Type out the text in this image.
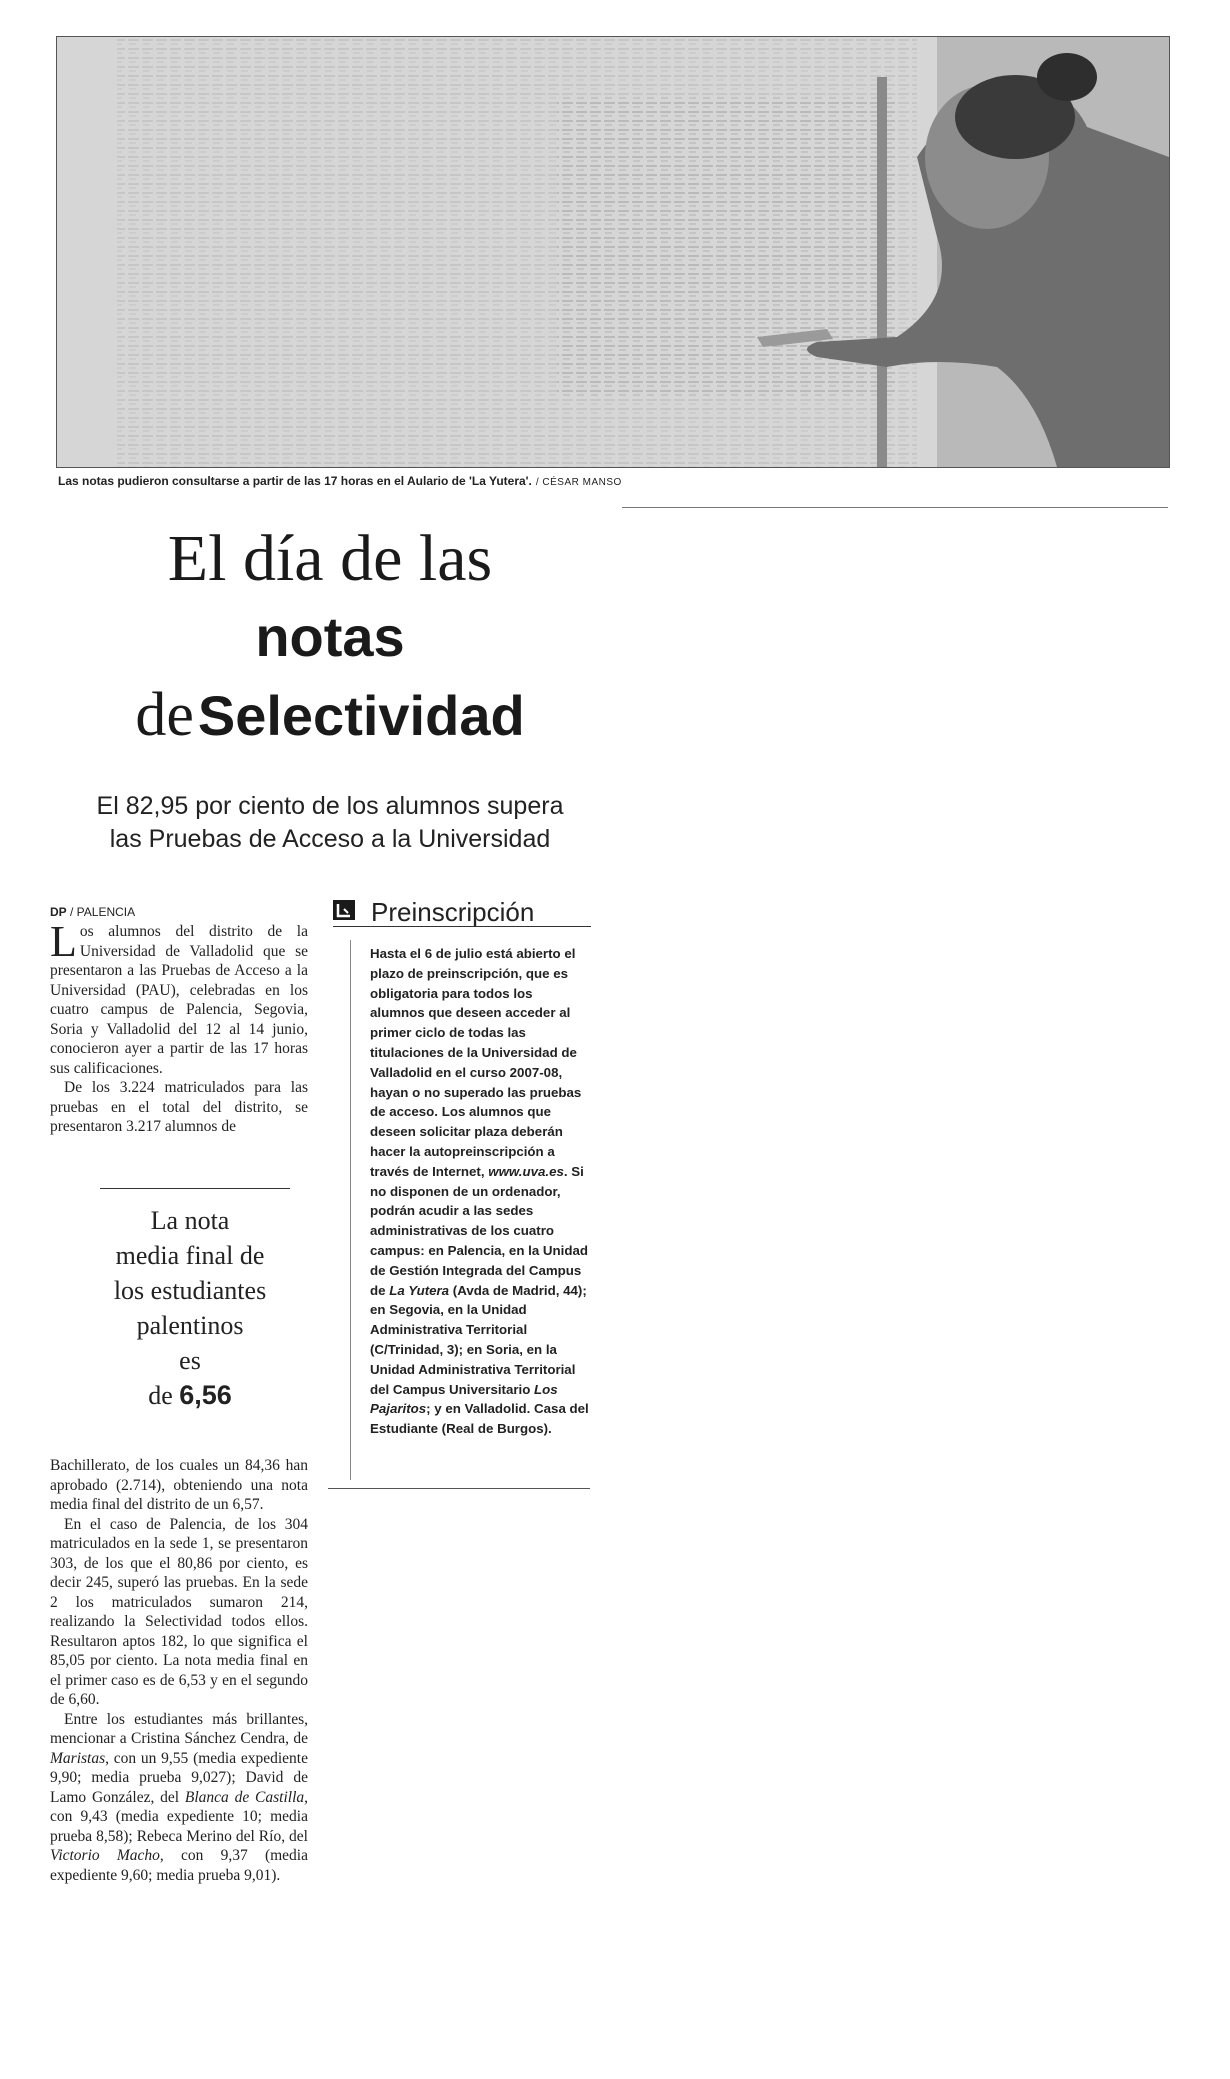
Las notas pudieron consultarse a partir de las 17 horas en el Aulario de 'La Yutera'. / CÉSAR MANSO
El día de las
notas
de Selectividad
El 82,95 por ciento de los alumnos supera
las Pruebas de Acceso a la Universidad
DP / PALENCIA

Los alumnos del distrito de la Universidad de Valladolid que se presentaron a las Pruebas de Acceso a la Universidad (PAU), celebradas en los cuatro campus de Palencia, Segovia, Soria y Valladolid del 12 al 14 junio, conocieron ayer a partir de las 17 horas sus calificaciones.

De los 3.224 matriculados para las pruebas en el total del distrito, se presentaron 3.217 alumnos de

La nota
media final de
los estudiantes
palentinos
es
de 6,56

Bachillerato, de los cuales un 84,36 han aprobado (2.714), obteniendo una nota media final del distrito de un 6,57.

En el caso de Palencia, de los 304 matriculados en la sede 1, se presentaron 303, de los que el 80,86 por ciento, es decir 245, superó las pruebas. En la sede 2 los matriculados sumaron 214, realizando la Selectividad todos ellos. Resultaron aptos 182, lo que significa el 85,05 por ciento. La nota media final en el primer caso es de 6,53 y en el segundo de 6,60.

Entre los estudiantes más brillantes, mencionar a Cristina Sánchez Cendra, de Maristas, con un 9,55 (media expediente 9,90; media prueba 9,027); David de Lamo González, del Blanca de Castilla, con 9,43 (media expediente 10; media prueba 8,58); Rebeca Merino del Río, del Victorio Macho, con 9,37 (media expediente 9,60; media prueba 9,01).

Preinscripción
Hasta el 6 de julio está abierto el plazo de preinscripción, que es obligatoria para todos los alumnos que deseen acceder al primer ciclo de todas las titulaciones de la Universidad de Valladolid en el curso 2007-08, hayan o no superado las pruebas de acceso. Los alumnos que deseen solicitar plaza deberán hacer la autopreinscripción a través de Internet, www.uva.es. Si no disponen de un ordenador, podrán acudir a las sedes administrativas de los cuatro campus: en Palencia, en la Unidad de Gestión Integrada del Campus de La Yutera (Avda de Madrid, 44); en Segovia, en la Unidad Administrativa Territorial (C/Trinidad, 3); en Soria, en la Unidad Administrativa Territorial del Campus Universitario Los Pajaritos; y en Valladolid. Casa del Estudiante (Real de Burgos).
